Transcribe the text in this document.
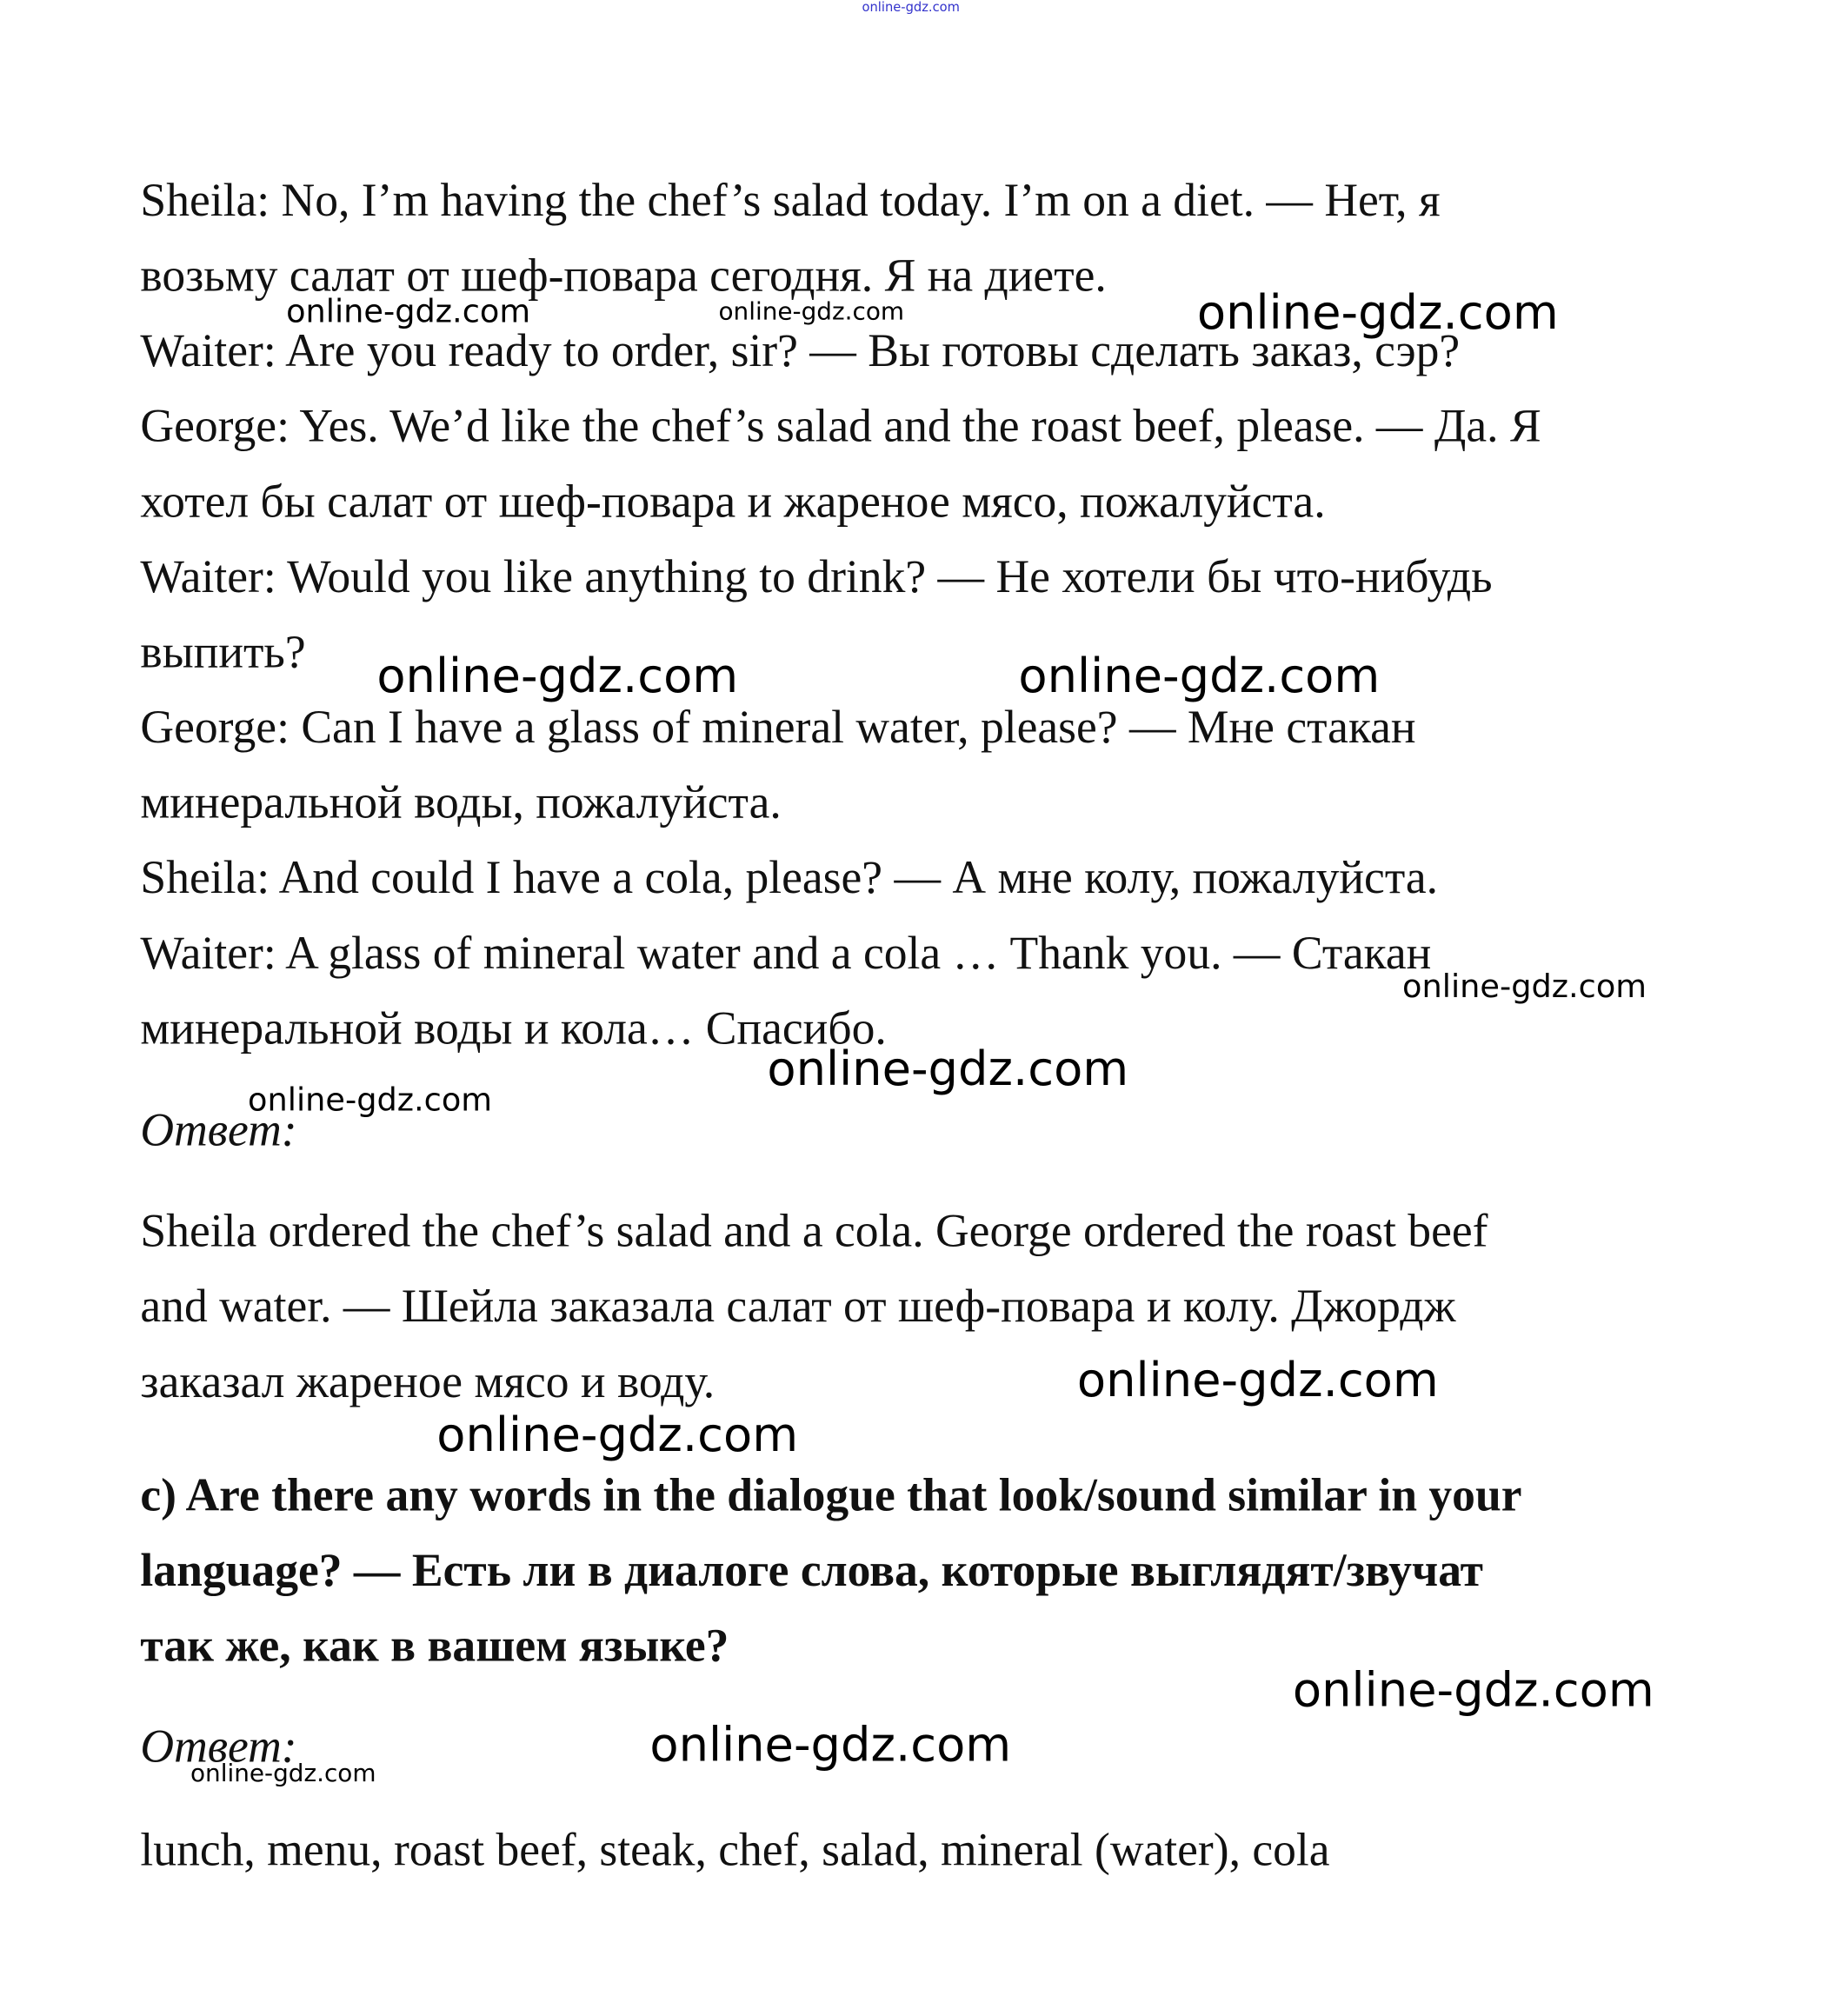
Sheila: No, I’m having the chef’s salad today. I’m on a diet. — Нет, я
возьму салат от шеф-повара сегодня. Я на диете.
Waiter: Are you ready to order, sir? — Вы готовы сделать заказ, сэр?
George: Yes. We’d like the chef’s salad and the roast beef, please. — Да. Я
хотел бы салат от шеф-повара и жареное мясо, пожалуйста.
Waiter: Would you like anything to drink? — Не хотели бы что-нибудь
выпить?
George: Can I have a glass of mineral water, please? — Мне стакан
минеральной воды, пожалуйста.
Sheila: And could I have a cola, please? — А мне колу, пожалуйста.
Waiter: A glass of mineral water and a cola … Thank you. — Стакан
минеральной воды и кола… Спасибо.
Ответ:
Sheila ordered the chef’s salad and a cola. George ordered the roast beef
and water. — Шейла заказала салат от шеф-повара и колу. Джордж
заказал жареное мясо и воду.
c) Are there any words in the dialogue that look/sound similar in your
language? — Есть ли в диалоге слова, которые выглядят/звучат
так же, как в вашем языке?
Ответ:
lunch, menu, roast beef, steak, chef, salad, mineral (water), cola
online-gdz.com
online-gdz.com	online-gdz.com	online-gdz.com
online-gdz.com	online-gdz.com
online-gdz.com
online-gdz.com
online-gdz.com
online-gdz.com
online-gdz.com
online-gdz.com
online-gdz.com
online-gdz.com
